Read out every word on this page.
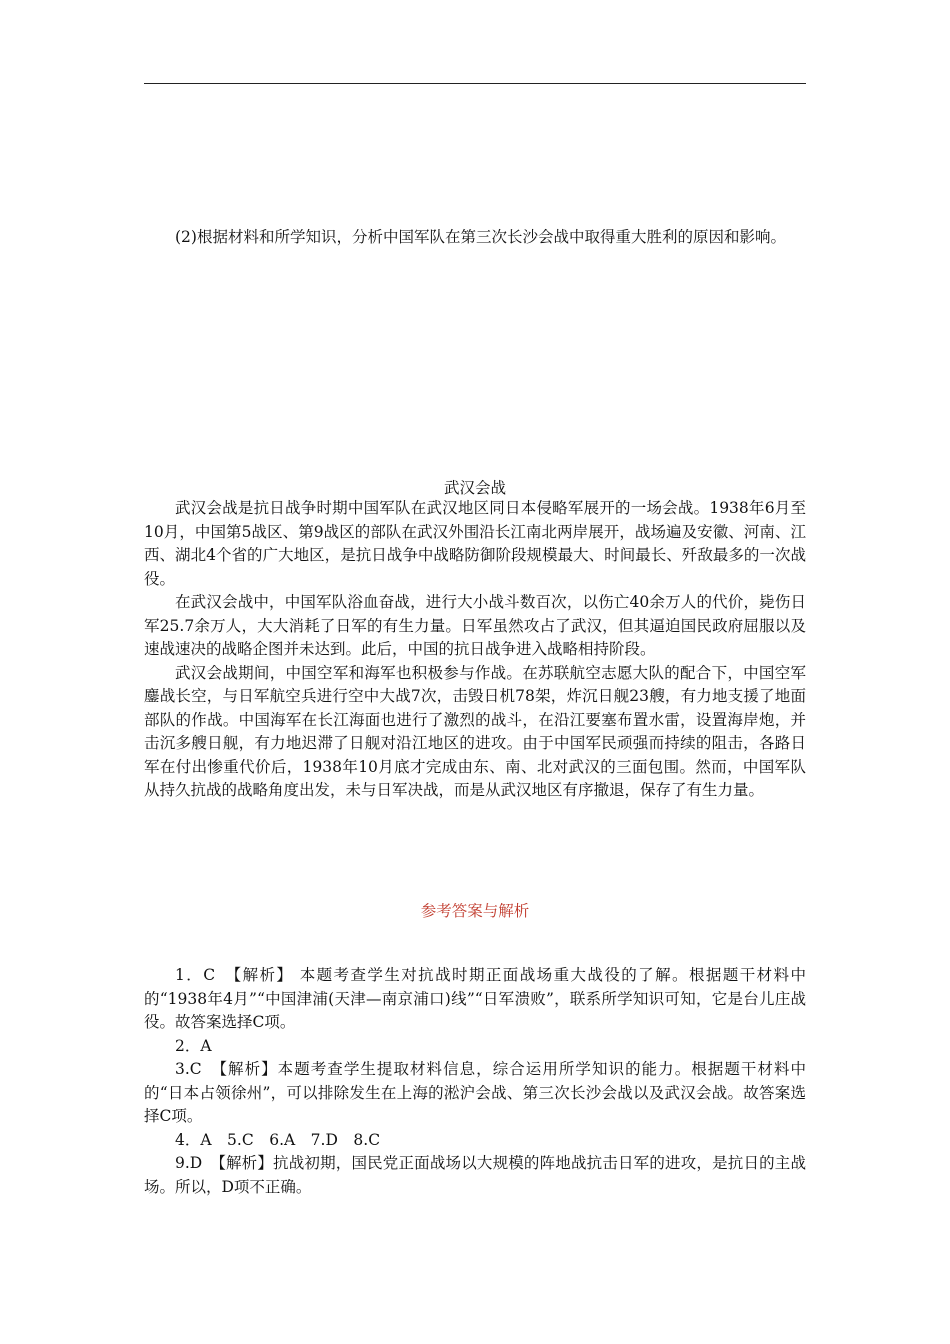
(2)根据材料和所学知识，分析中国军队在第三次长沙会战中取得重大胜利的原因和影响。

武汉会战

武汉会战是抗日战争时期中国军队在武汉地区同日本侵略军展开的一场会战。1938年6月至10月，中国第5战区、第9战区的部队在武汉外围沿长江南北两岸展开，战场遍及安徽、河南、江西、湖北4个省的广大地区，是抗日战争中战略防御阶段规模最大、时间最长、歼敌最多的一次战役。

在武汉会战中，中国军队浴血奋战，进行大小战斗数百次，以伤亡40余万人的代价，毙伤日军25.7余万人，大大消耗了日军的有生力量。日军虽然攻占了武汉，但其逼迫国民政府屈服以及速战速决的战略企图并未达到。此后，中国的抗日战争进入战略相持阶段。

武汉会战期间，中国空军和海军也积极参与作战。在苏联航空志愿大队的配合下，中国空军鏖战长空，与日军航空兵进行空中大战7次，击毁日机78架，炸沉日舰23艘，有力地支援了地面部队的作战。中国海军在长江海面也进行了激烈的战斗，在沿江要塞布置水雷，设置海岸炮，并击沉多艘日舰，有力地迟滞了日舰对沿江地区的进攻。由于中国军民顽强而持续的阻击，各路日军在付出惨重代价后，1938年10月底才完成由东、南、北对武汉的三面包围。然而，中国军队从持久抗战的战略角度出发，未与日军决战，而是从武汉地区有序撤退，保存了有生力量。

参考答案与解析

1．C　【解析】 本题考查学生对抗战时期正面战场重大战役的了解。根据题干材料中的“1938年4月”“中国津浦(天津—南京浦口)线”“日军溃败”，联系所学知识可知，它是台儿庄战役。故答案选择C项。

2．A

3.C　【解析】本题考查学生提取材料信息，综合运用所学知识的能力。根据题干材料中的“日本占领徐州”，可以排除发生在上海的淞沪会战、第三次长沙会战以及武汉会战。故答案选择C项。

4．A　5.C　6.A　7.D　8.C

9.D　【解析】抗战初期，国民党正面战场以大规模的阵地战抗击日军的进攻，是抗日的主战场。所以，D项不正确。
